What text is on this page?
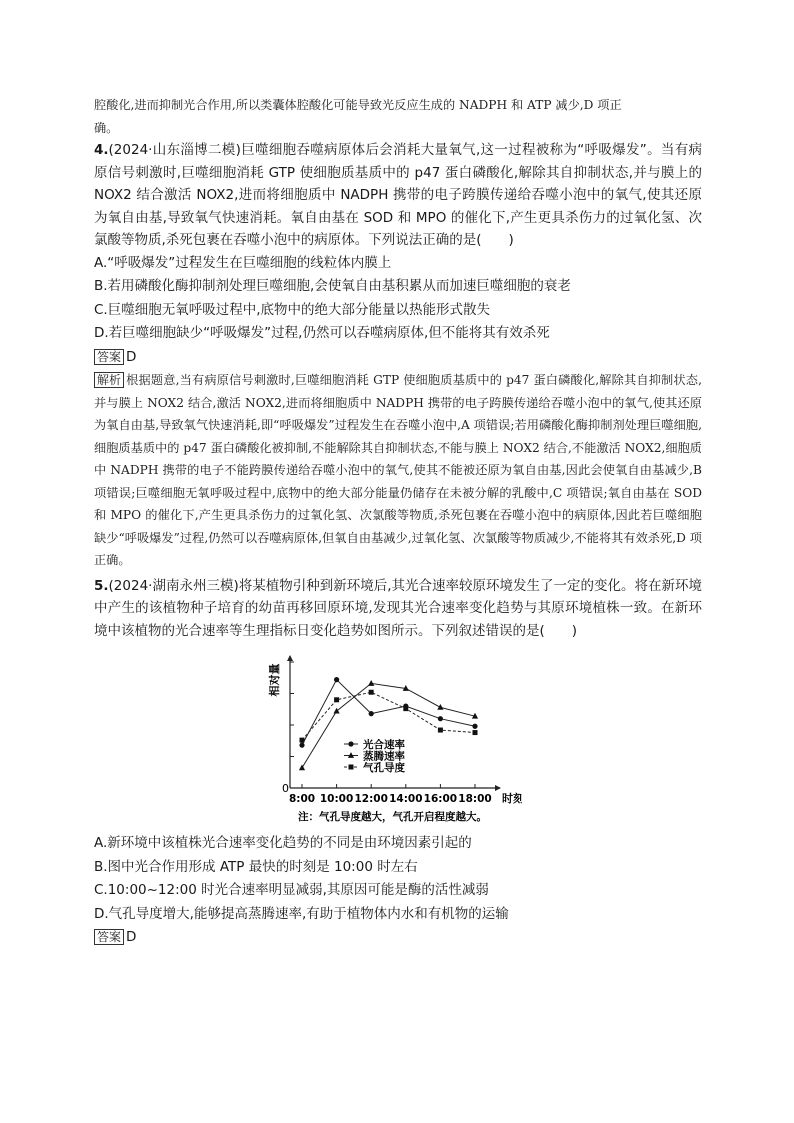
腔酸化,进而抑制光合作用,所以类囊体腔酸化可能导致光反应生成的 NADPH 和 ATP 减少,D 项正

确。

4.(2024·山东淄博二模)巨噬细胞吞噬病原体后会消耗大量氧气,这一过程被称为“呼吸爆发”。当有病原信号刺激时,巨噬细胞消耗 GTP 使细胞质基质中的 p47 蛋白磷酸化,解除其自抑制状态,并与膜上的 NOX2 结合激活 NOX2,进而将细胞质中 NADPH 携带的电子跨膜传递给吞噬小泡中的氧气,使其还原为氧自由基,导致氧气快速消耗。氧自由基在 SOD 和 MPO 的催化下,产生更具杀伤力的过氧化氢、次氯酸等物质,杀死包裹在吞噬小泡中的病原体。下列说法正确的是(　　)

A.“呼吸爆发”过程发生在巨噬细胞的线粒体内膜上

B.若用磷酸化酶抑制剂处理巨噬细胞,会使氧自由基积累从而加速巨噬细胞的衰老

C.巨噬细胞无氧呼吸过程中,底物中的绝大部分能量以热能形式散失

D.若巨噬细胞缺少“呼吸爆发”过程,仍然可以吞噬病原体,但不能将其有效杀死

答案 D

解析 根据题意,当有病原信号刺激时,巨噬细胞消耗 GTP 使细胞质基质中的 p47 蛋白磷酸化,解除其自抑制状态,并与膜上 NOX2 结合,激活 NOX2,进而将细胞质中 NADPH 携带的电子跨膜传递给吞噬小泡中的氧气,使其还原为氧自由基,导致氧气快速消耗,即“呼吸爆发”过程发生在吞噬小泡中,A 项错误;若用磷酸化酶抑制剂处理巨噬细胞,细胞质基质中的 p47 蛋白磷酸化被抑制,不能解除其自抑制状态,不能与膜上 NOX2 结合,不能激活 NOX2,细胞质中 NADPH 携带的电子不能跨膜传递给吞噬小泡中的氧气,使其不能被还原为氧自由基,因此会使氧自由基减少,B 项错误;巨噬细胞无氧呼吸过程中,底物中的绝大部分能量仍储存在未被分解的乳酸中,C 项错误;氧自由基在 SOD 和 MPO 的催化下,产生更具杀伤力的过氧化氢、次氯酸等物质,杀死包裹在吞噬小泡中的病原体,因此若巨噬细胞缺少“呼吸爆发”过程,仍然可以吞噬病原体,但氧自由基减少,过氧化氢、次氯酸等物质减少,不能将其有效杀死,D 项正确。

5.(2024·湖南永州三模)将某植物引种到新环境后,其光合速率较原环境发生了一定的变化。将在新环境中产生的该植物种子培育的幼苗再移回原环境,发现其光合速率变化趋势与其原环境植株一致。在新环境中该植物的光合速率等生理指标日变化趋势如图所示。下列叙述错误的是(　　)

0
8:00 10:00 12:00 14:00 16:00 18:00
光合速率
蒸腾速率
气孔导度
相对量
时刻
注：气孔导度越大，气孔开启程度越大。

A.新环境中该植株光合速率变化趋势的不同是由环境因素引起的

B.图中光合作用形成 ATP 最快的时刻是 10:00 时左右

C.10:00~12:00 时光合速率明显减弱,其原因可能是酶的活性减弱

D.气孔导度增大,能够提高蒸腾速率,有助于植物体内水和有机物的运输

答案 D
